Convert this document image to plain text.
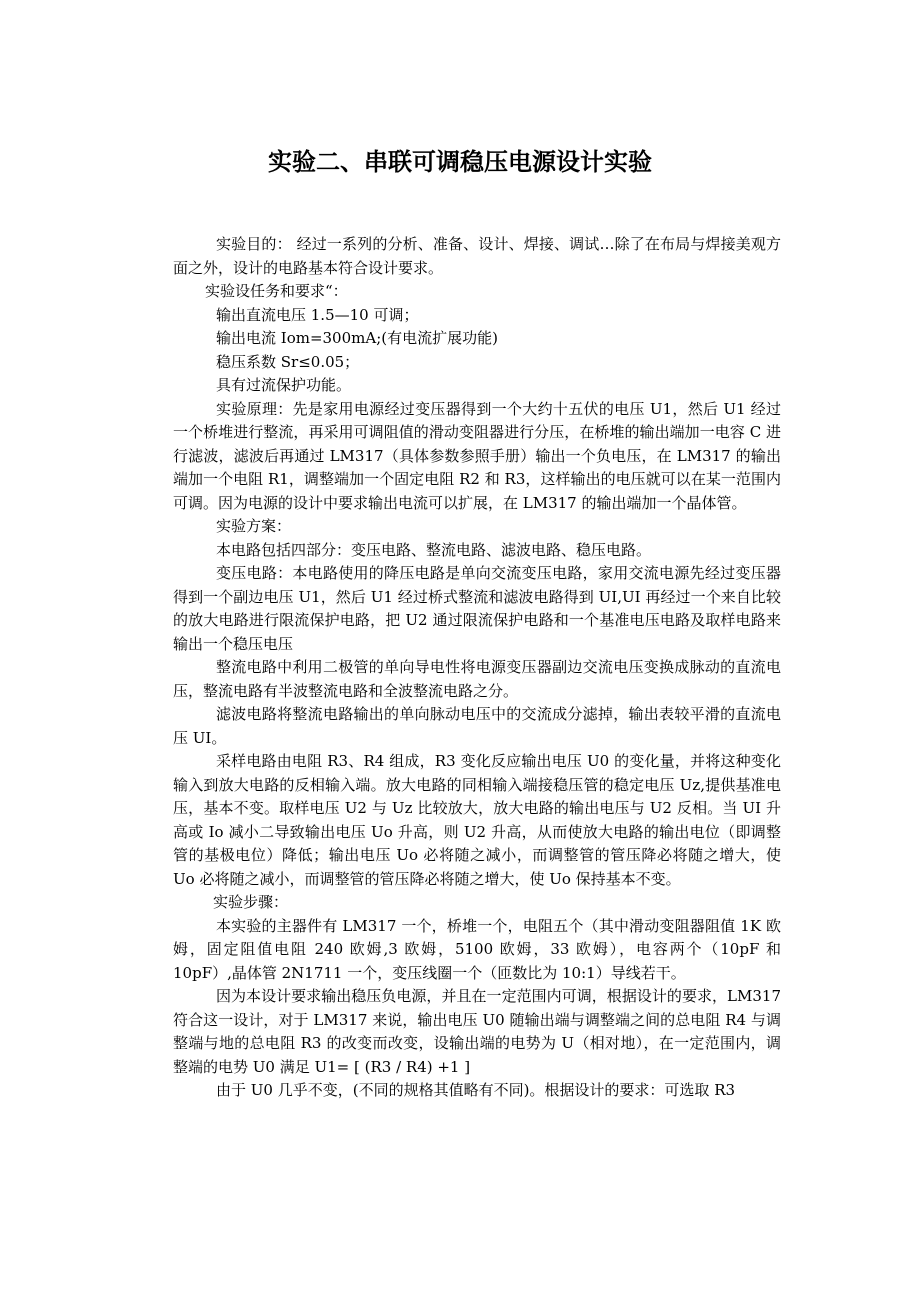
实验二、串联可调稳压电源设计实验

实验目的： 经过一系列的分析、准备、设计、焊接、调试…除了在布局与焊接美观方面之外，设计的电路基本符合设计要求。

实验设任务和要求“：

输出直流电压 1.5—10 可调；

输出电流 Iom=300mA;(有电流扩展功能)

稳压系数 Sr≤0.05；

具有过流保护功能。

实验原理：先是家用电源经过变压器得到一个大约十五伏的电压 U1，然后 U1 经过一个桥堆进行整流，再采用可调阻值的滑动变阻器进行分压，在桥堆的输出端加一电容 C 进行滤波，滤波后再通过 LM317（具体参数参照手册）输出一个负电压，在 LM317 的输出端加一个电阻 R1，调整端加一个固定电阻 R2 和 R3，这样输出的电压就可以在某一范围内可调。因为电源的设计中要求输出电流可以扩展，在 LM317 的输出端加一个晶体管。

实验方案：

本电路包括四部分：变压电路、整流电路、滤波电路、稳压电路。

变压电路：本电路使用的降压电路是单向交流变压电路，家用交流电源先经过变压器得到一个副边电压 U1，然后 U1 经过桥式整流和滤波电路得到 UI,UI 再经过一个来自比较的放大电路进行限流保护电路，把 U2 通过限流保护电路和一个基准电压电路及取样电路来输出一个稳压电压

整流电路中利用二极管的单向导电性将电源变压器副边交流电压变换成脉动的直流电压，整流电路有半波整流电路和全波整流电路之分。

滤波电路将整流电路输出的单向脉动电压中的交流成分滤掉，输出表较平滑的直流电压 UI。

采样电路由电阻 R3、R4 组成，R3 变化反应输出电压 U0 的变化量，并将这种变化输入到放大电路的反相输入端。放大电路的同相输入端接稳压管的稳定电压 Uz,提供基准电压，基本不变。取样电压 U2 与 Uz 比较放大，放大电路的输出电压与 U2 反相。当 UI 升高或 Io 减小二导致输出电压 Uo 升高，则 U2 升高，从而使放大电路的输出电位（即调整管的基极电位）降低；输出电压 Uo 必将随之减小，而调整管的管压降必将随之增大，使 Uo 必将随之减小，而调整管的管压降必将随之增大，使 Uo 保持基本不变。

实验步骤：

本实验的主器件有 LM317 一个，桥堆一个，电阻五个（其中滑动变阻器阻值 1K 欧姆，固定阻值电阻 240 欧姆,3 欧姆，5100 欧姆，33 欧姆），电容两个（10pF 和 10pF）,晶体管 2N1711 一个，变压线圈一个（匝数比为 10:1）导线若干。

因为本设计要求输出稳压负电源，并且在一定范围内可调，根据设计的要求，LM317 符合这一设计，对于 LM317 来说，输出电压 U0 随输出端与调整端之间的总电阻 R4 与调整端与地的总电阻 R3 的改变而改变，设输出端的电势为 U（相对地），在一定范围内，调整端的电势 U0 满足 U1= [ (R3 / R4) +1 ]

由于 U0 几乎不变，(不同的规格其值略有不同)。根据设计的要求：可选取 R3
